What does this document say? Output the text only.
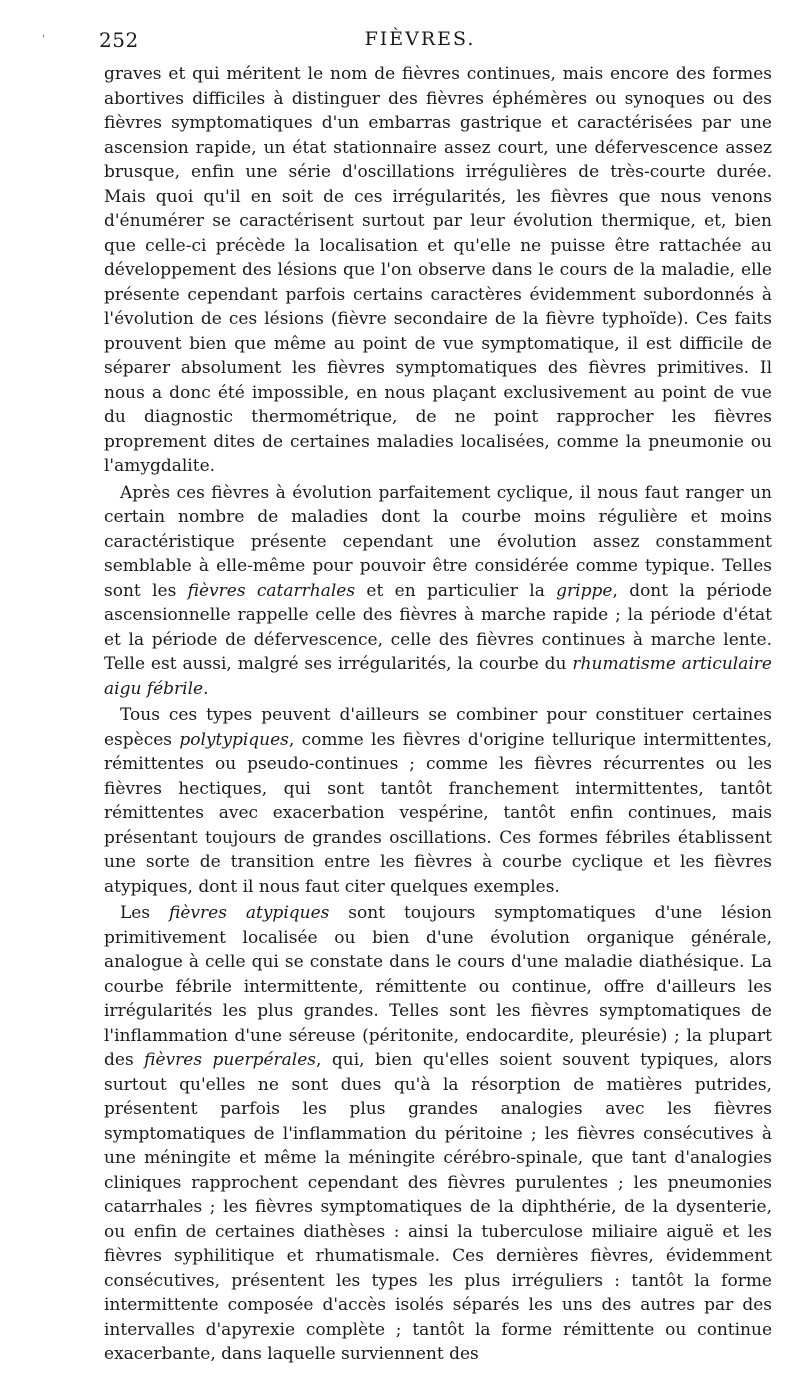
252	FIÈVRES.
'

graves et qui méritent le nom de fièvres continues, mais encore des formes abortives difficiles à distinguer des fièvres éphémères ou synoques ou des fièvres symptomatiques d'un embarras gastrique et caractérisées par une ascension rapide, un état stationnaire assez court, une défervescence assez brusque, enfin une série d'oscillations irrégulières de très-courte durée. Mais quoi qu'il en soit de ces irrégularités, les fièvres que nous venons d'énumérer se caractérisent surtout par leur évolution thermique, et, bien que celle-ci précède la localisation et qu'elle ne puisse être rattachée au développement des lésions que l'on observe dans le cours de la maladie, elle présente cependant parfois certains caractères évidemment subordonnés à l'évolution de ces lésions (fièvre secondaire de la fièvre typhoïde). Ces faits prouvent bien que même au point de vue symptomatique, il est difficile de séparer absolument les fièvres symptomatiques des fièvres primitives. Il nous a donc été impossible, en nous plaçant exclusivement au point de vue du diagnostic thermométrique, de ne point rapprocher les fièvres proprement dites de certaines maladies localisées, comme la pneumonie ou l'amygdalite.

Après ces fièvres à évolution parfaitement cyclique, il nous faut ranger un certain nombre de maladies dont la courbe moins régulière et moins caractéristique présente cependant une évolution assez constamment semblable à elle-même pour pouvoir être considérée comme typique. Telles sont les fièvres catarrhales et en particulier la grippe, dont la période ascensionnelle rappelle celle des fièvres à marche rapide ; la période d'état et la période de défervescence, celle des fièvres continues à marche lente. Telle est aussi, malgré ses irrégularités, la courbe du rhumatisme articulaire aigu fébrile.

Tous ces types peuvent d'ailleurs se combiner pour constituer certaines espèces polytypiques, comme les fièvres d'origine tellurique intermittentes, rémittentes ou pseudo-continues ; comme les fièvres récurrentes ou les fièvres hectiques, qui sont tantôt franchement intermittentes, tantôt rémittentes avec exacerbation vespérine, tantôt enfin continues, mais présentant toujours de grandes oscillations. Ces formes fébriles établissent une sorte de transition entre les fièvres à courbe cyclique et les fièvres atypiques, dont il nous faut citer quelques exemples.

Les fièvres atypiques sont toujours symptomatiques d'une lésion primitivement localisée ou bien d'une évolution organique générale, analogue à celle qui se constate dans le cours d'une maladie diathésique. La courbe fébrile intermittente, rémittente ou continue, offre d'ailleurs les irrégularités les plus grandes. Telles sont les fièvres symptomatiques de l'inflammation d'une séreuse (péritonite, endocardite, pleurésie) ; la plupart des fièvres puerpérales, qui, bien qu'elles soient souvent typiques, alors surtout qu'elles ne sont dues qu'à la résorption de matières putrides, présentent parfois les plus grandes analogies avec les fièvres symptomatiques de l'inflammation du péritoine ; les fièvres consécutives à une méningite et même la méningite cérébro-spinale, que tant d'analogies cliniques rapprochent cependant des fièvres purulentes ; les pneumonies catarrhales ; les fièvres symptomatiques de la diphthérie, de la dysenterie, ou enfin de certaines diathèses : ainsi la tuberculose miliaire aiguë et les fièvres syphilitique et rhumatismale. Ces dernières fièvres, évidemment consécutives, présentent les types les plus irréguliers : tantôt la forme intermittente composée d'accès isolés séparés les uns des autres par des intervalles d'apyrexie complète ; tantôt la forme rémittente ou continue exacerbante, dans laquelle surviennent des
